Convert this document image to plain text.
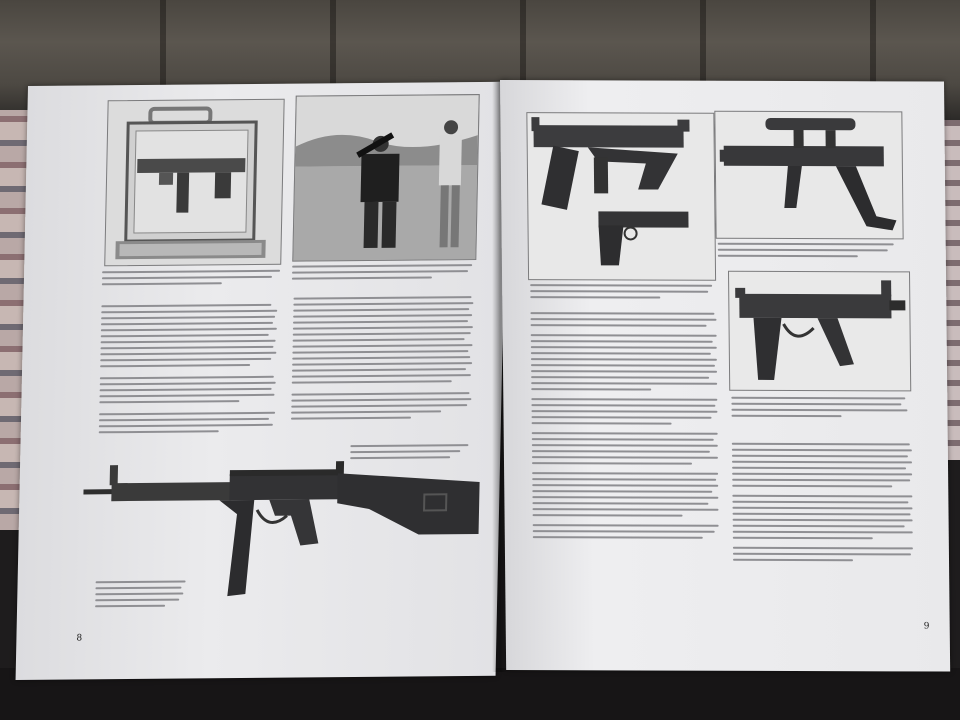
8
9
